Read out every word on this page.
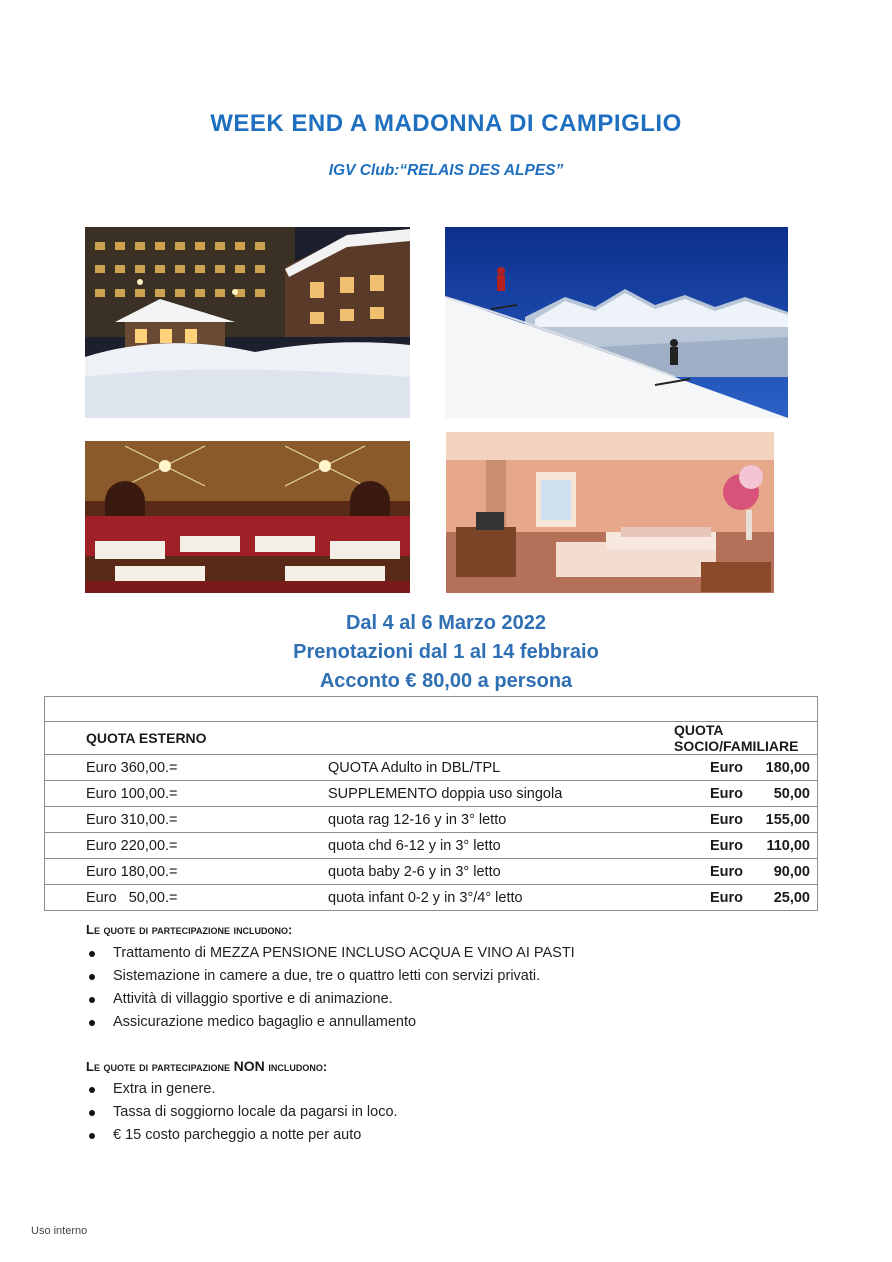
WEEK END A MADONNA DI CAMPIGLIO
IGV Club:“RELAIS DES ALPES”
Dal 4 al 6 Marzo 2022
Prenotazioni dal 1 al 14 febbraio
Acconto € 80,00 a persona

QUOTA ESTERNO		QUOTA SOCIO/FAMILIARE
Euro 360,00.=	QUOTA Adulto in DBL/TPL	Euro 180,00
Euro 100,00.=	SUPPLEMENTO doppia uso singola	Euro 50,00
Euro 310,00.=	quota rag 12-16 y in 3° letto	Euro 155,00
Euro 220,00.=	quota chd 6-12 y in 3° letto	Euro 110,00
Euro 180,00.=	quota baby 2-6 y in 3° letto	Euro 90,00
Euro   50,00.=	quota infant 0-2 y in 3°/4° letto	Euro 25,00
Le quote di partecipazione includono:
Trattamento di MEZZA PENSIONE INCLUSO ACQUA E VINO AI PASTI
Sistemazione in camere a due, tre o quattro letti con servizi privati.
Attività di villaggio sportive e di animazione.
Assicurazione medico bagaglio e annullamento
Le quote di partecipazione NON includono:
Extra in genere.
Tassa di soggiorno locale da pagarsi in loco.
€ 15 costo parcheggio a notte per auto
Uso interno
